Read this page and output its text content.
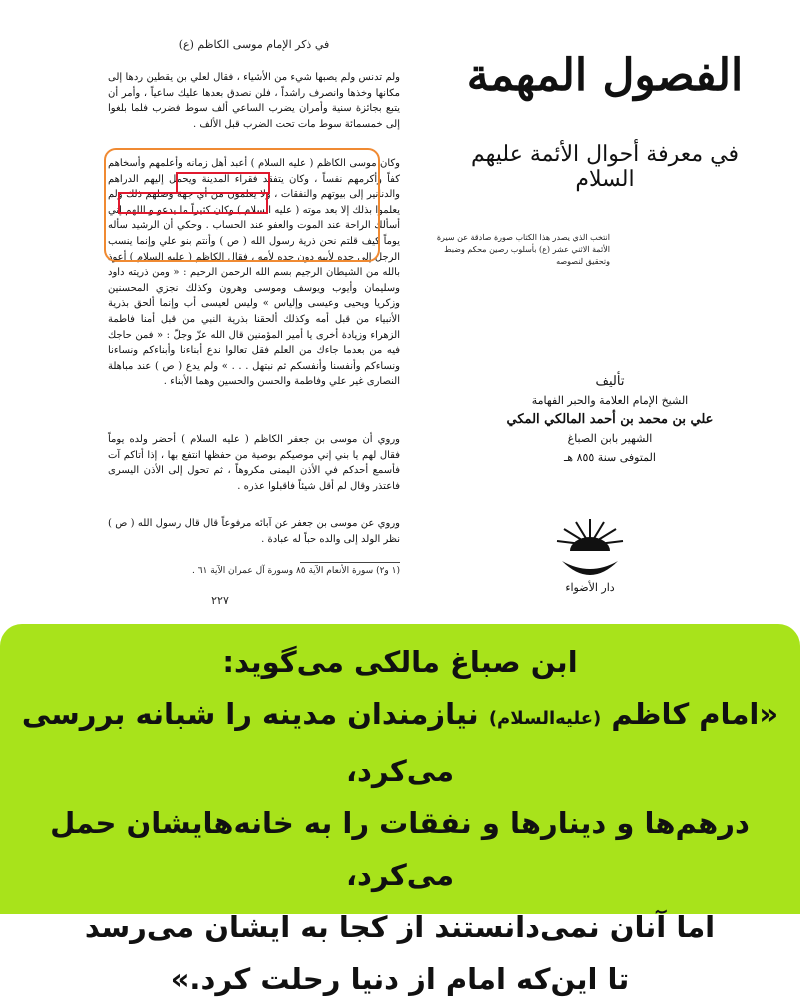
في ذكر الإمام موسى الكاظم (ع)

ولم تدنس ولم يصبها شيء من الأشياء ، فقال لعلي بن يقطين ردها إلى مكانها وخذها وانصرف راشداً ، فلن نصدق بعدها عليك ساعياً ، وأمر أن يتبع بجائزة سنية وأمران يضرب الساعي ألف سوط فضرب فلما بلغوا إلى خمسمائة سوط مات تحت الضرب قبل الألف .

وكان موسى الكاظم ( عليه السلام ) أعبد أهل زمانه وأعلمهم وأسخاهم كفاً وأكرمهم نفساً ، وكان يتفقد فقراء المدينة ويحمل إليهم الدراهم والدنانير إلى بيوتهم والنفقات ، ولا يعلمون من أي جهة وصلهم ذلك ولم يعلموا بذلك إلا بعد موته ( عليه السلام ) وكان كثيراً ما يدعو و اللهم إني أسألك الراحة عند الموت والعفو عند الحساب . وحكي أن الرشيد سأله يوماً كيف قلتم نحن ذرية رسول الله ( ص ) وأنتم بنو علي وإنما ينسب الرجل إلى جده لأبيه دون جده لأمه ، فقال الكاظم ( عليه السلام ) أعوذ بالله من الشيطان الرجيم بسم الله الرحمن الرحيم : « ومن ذريته داود وسليمان وأيوب ويوسف وموسى وهرون وكذلك نجزي المحسنين وزكريا ويحيى وعيسى وإلياس » وليس لعيسى أب وإنما ألحق بذرية الأنبياء من قبل أمه وكذلك ألحقنا بذرية النبي من قبل أمنا فاطمة الزهراء وزيادة أخرى يا أمير المؤمنين قال الله عزّ وجلّ : « فمن حاجك فيه من بعدما جاءك من العلم فقل تعالوا ندع أبناءنا وأبناءكم ونساءنا ونساءكم وأنفسنا وأنفسكم ثم نبتهل . . . » ولم يدع ( ص ) عند مباهلة النصارى غير علي وفاطمة والحسن والحسين وهما الأبناء .

وروي أن موسى بن جعفر الكاظم ( عليه السلام ) أحضر ولده يوماً فقال لهم يا بني إني موصيكم بوصية من حفظها انتفع بها ، إذا أتاكم آت فأسمع أحدكم في الأذن اليمنى مكروهاً ، ثم تحول إلى الأذن اليسرى فاعتذر وقال لم أقل شيئاً فاقبلوا عذره .

وروي عن موسى بن جعفر عن آبائه مرفوعاً قال قال رسول الله ( ص ) نظر الولد إلى والده حباً له عبادة .

(١ و٢) سورة الأنعام الآية ٨٥ وسورة آل عمران الآية ٦١ .
٢٢٧
الفصول المهمة
في معرفة أحوال الأئمة عليهم السلام
انتخب الذي يصدر هذا الكتاب صورة صادقة عن سيرة الأئمة الاثني عشر (ع) بأسلوب رصين محكم وضبط وتحقيق لنصوصه
تأليف
الشيخ الإمام العلامة والحبر الفهامة
علي بن محمد بن أحمد المالكي المكي
الشهير بابن الصباغ
المتوفى سنة ٨٥٥ هـ
دار الأضواء
ابن صباغ مالکی می‌گوید:
«امام کاظم (علیه‌السلام) نیازمندان مدینه را شبانه بررسی می‌کرد،
درهم‌ها و دینارها و نفقات را به خانه‌هایشان حمل می‌کرد،
اما آنان نمی‌دانستند از کجا به ایشان می‌رسد
تا این‌که امام از دنیا رحلت کرد.»
